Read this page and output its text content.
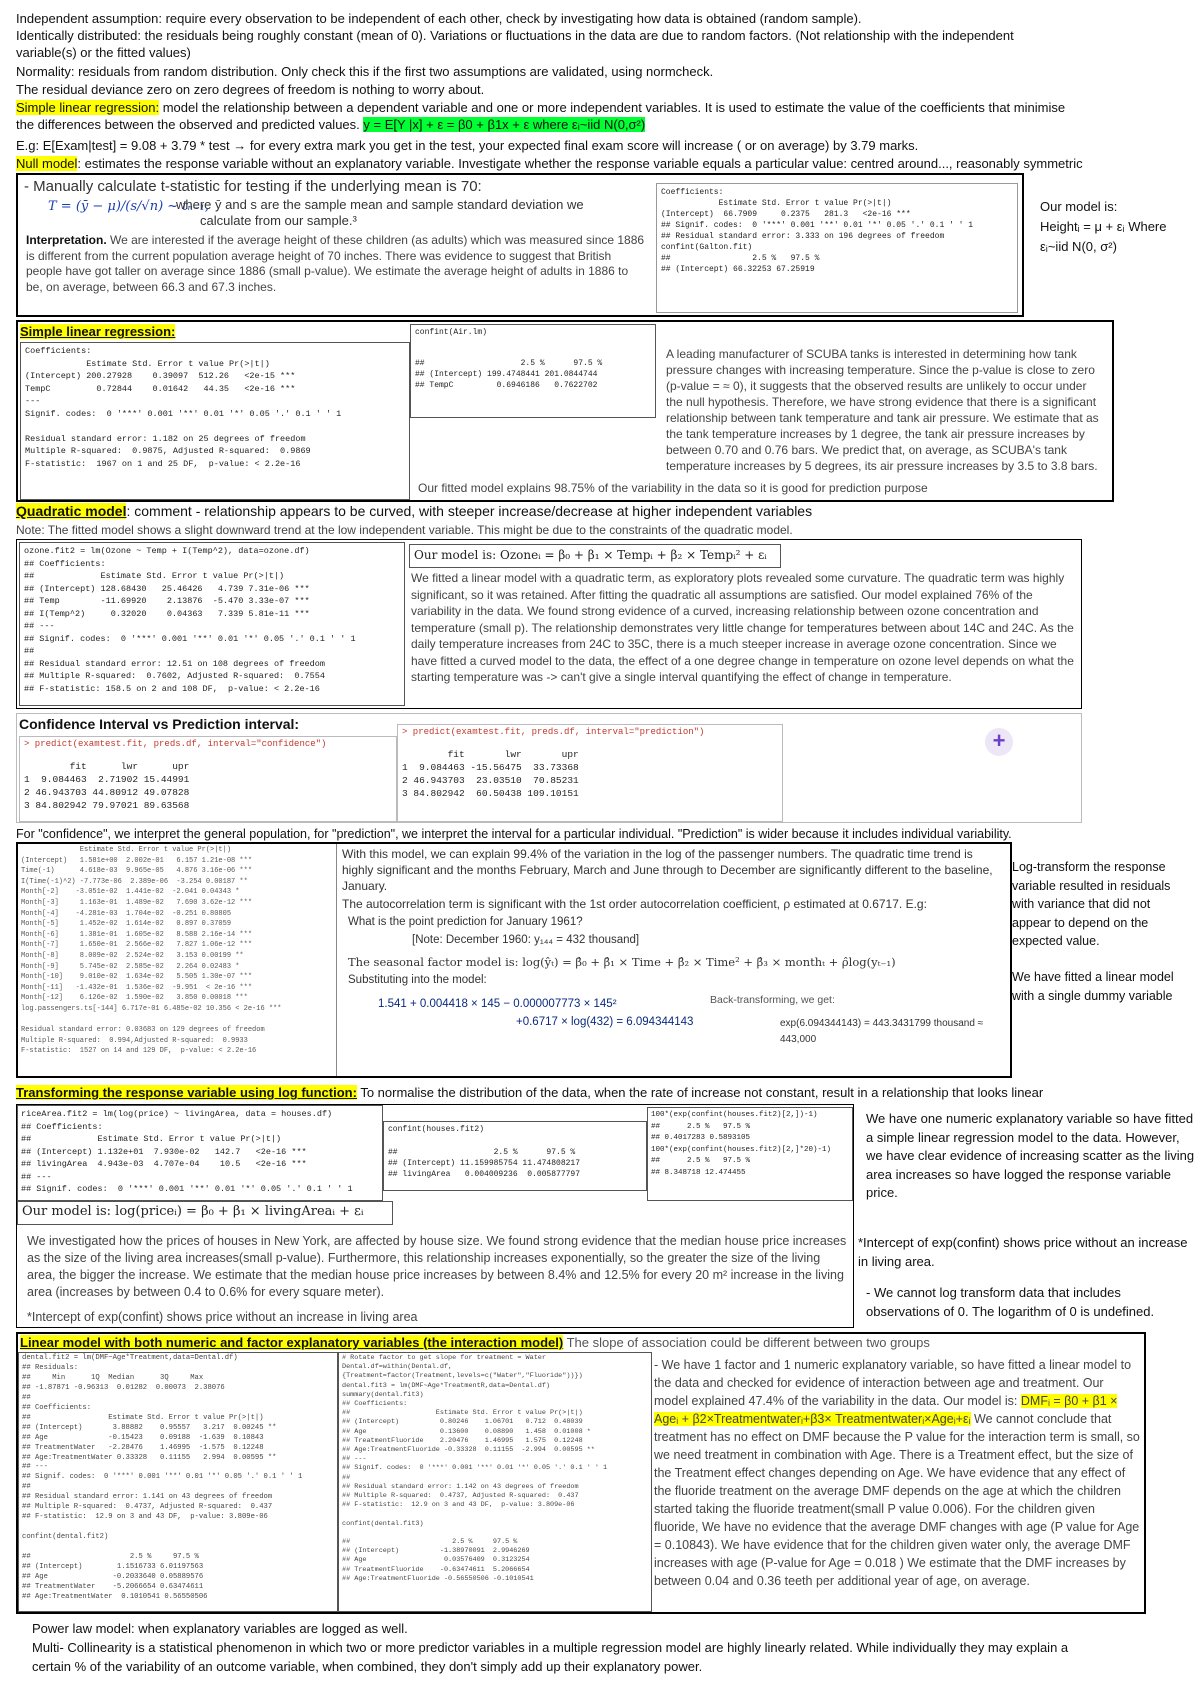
Independent assumption: require every observation to be independent of each other, check by investigating how data is obtained (random sample).
Identically distributed: the residuals being roughly constant (mean of 0). Variations or fluctuations in the data are due to random factors. (Not relationship with the independent
variable(s) or the fitted values)
Normality: residuals from random distribution. Only check this if the first two assumptions are validated, using normcheck.
The residual deviance zero on zero degrees of freedom is nothing to worry about.
Simple linear regression: model the relationship between a dependent variable and one or more independent variables. It is used to estimate the value of the coefficients that minimise
the differences between the observed and predicted values. y = E[Y |x] + ε = β0 + β1x + ε where εᵢ~iid N(0,σ²)
E.g: E[Exam|test] = 9.08 + 3.79 * test → for every extra mark you get in the test, your expected final exam score will increase ( or on average) by 3.79 marks.
Null model: estimates the response variable without an explanatory variable. Investigate whether the response variable equals a particular value: centred around..., reasonably symmetric
- Manually calculate t-statistic for testing if the underlying mean is 70:
T = (ȳ − μ)/(s/√n) ~ tₙ₋₁,
where ȳ and s are the sample mean and sample standard deviation we
calculate from our sample.³
Interpretation. We are interested if the average height of these children (as adults) which was measured since 1886 is different from the current population average height of 70 inches. There was evidence to suggest that British people have got taller on average since 1886 (small p-value). We estimate the average height of adults in 1886 to be, on average, between 66.3 and 67.3 inches.
Coefficients:
Estimate Std. Error t value Pr(>|t|)
(Intercept)  66.7909     0.2375   281.3   <2e-16 ***
## Signif. codes:  0 '***' 0.001 '**' 0.01 '*' 0.05 '.' 0.1 ' ' 1
## Residual standard error: 3.333 on 196 degrees of freedom
confint(Galton.fit)
##                 2.5 %   97.5 %
## (Intercept) 66.32253 67.25919
Our model is:
Heightᵢ = μ + εᵢ Where
εᵢ~iid N(0, σ²)
Simple linear regression:
Coefficients:
Estimate Std. Error t value Pr(>|t|)
(Intercept) 200.27928    0.39097  512.26   <2e-15 ***
TempC         0.72844    0.01642   44.35   <2e-16 ***
---
Signif. codes:  0 '***' 0.001 '**' 0.01 '*' 0.05 '.' 0.1 ' ' 1

Residual standard error: 1.182 on 25 degrees of freedom
Multiple R-squared:  0.9875, Adjusted R-squared:  0.9869
F-statistic:  1967 on 1 and 25 DF,  p-value: < 2.2e-16
confint(Air.lm)
##                    2.5 %      97.5 %
## (Intercept) 199.4748441 201.0844744
## TempC         0.6946186   0.7622702
A leading manufacturer of SCUBA tanks is interested in determining how tank pressure changes with increasing temperature. Since the p-value is close to zero (p-value = ≈ 0), it suggests that the observed results are unlikely to occur under the null hypothesis. Therefore, we have strong evidence that there is a significant relationship between tank temperature and tank air pressure. We estimate that as the tank temperature increases by 1 degree, the tank air pressure increases by between 0.70 and 0.76 bars. We predict that, on average, as SCUBA's tank temperature increases by 5 degrees, its air pressure increases by 3.5 to 3.8 bars.
Our fitted model explains 98.75% of the variability in the data so it is good for prediction purpose
Quadratic model: comment - relationship appears to be curved, with steeper increase/decrease at higher independent variables
Note: The fitted model shows a slight downward trend at the low independent variable. This might be due to the constraints of the quadratic model.
ozone.fit2 = lm(Ozone ~ Temp + I(Temp^2), data=ozone.df)
## Coefficients:
##             Estimate Std. Error t value Pr(>|t|)
## (Intercept) 128.68430   25.46426   4.739 7.31e-06 ***
## Temp        -11.69920    2.13876  -5.470 3.33e-07 ***
## I(Temp^2)     0.32020    0.04363   7.339 5.81e-11 ***
## ---
## Signif. codes:  0 '***' 0.001 '**' 0.01 '*' 0.05 '.' 0.1 ' ' 1
##
## Residual standard error: 12.51 on 108 degrees of freedom
## Multiple R-squared:  0.7602, Adjusted R-squared:  0.7554
## F-statistic: 158.5 on 2 and 108 DF,  p-value: < 2.2e-16
Our model is: Ozoneᵢ = β₀ + β₁ × Tempᵢ + β₂ × Tempᵢ² + εᵢ
We fitted a linear model with a quadratic term, as exploratory plots revealed some curvature. The quadratic term was highly significant, so it was retained. After fitting the quadratic all assumptions are satisfied. Our model explained 76% of the variability in the data. We found strong evidence of a curved, increasing relationship between ozone concentration and temperature (small p). The relationship demonstrates very little change for temperatures between about 14C and 24C. As the daily temperature increases from 24C to 35C, there is a much steeper increase in average ozone concentration. Since we have fitted a curved model to the data, the effect of a one degree change in temperature on ozone level depends on what the starting temperature was -> can't give a single interval quantifying the effect of change in temperature.
Confidence Interval vs Prediction interval:
> predict(examtest.fit, preds.df, interval="confidence")
fit      lwr      upr
1  9.084463  2.71902 15.44991
2 46.943703 44.80912 49.07828
3 84.802942 79.97021 89.63568
> predict(examtest.fit, preds.df, interval="prediction")
fit       lwr       upr
1  9.084463 -15.56475  33.73368
2 46.943703  23.03510  70.85231
3 84.802942  60.50438 109.10151
+
For "confidence", we interpret the general population, for "prediction", we interpret the interval for a particular individual. "Prediction" is wider because it includes individual variability.
Estimate Std. Error t value Pr(>|t|)
(Intercept)   1.581e+00  2.002e-01   6.157 1.21e-08 ***
Time(-1)      4.618e-03  9.965e-05   4.876 3.16e-06 ***
I(Time(-1)^2) -7.773e-06  2.389e-06  -3.254 0.00187 **
Month[-2]    -3.051e-02  1.441e-02  -2.041 0.04343 *
Month[-3]     1.163e-01  1.489e-02   7.690 3.62e-12 ***
Month[-4]    -4.281e-03  1.704e-02  -0.251 0.80805
Month[-5]     1.452e-02  1.614e-02   0.897 0.37059
Month[-6]     1.381e-01  1.605e-02   8.588 2.16e-14 ***
Month[-7]     1.650e-01  2.566e-02   7.827 1.06e-12 ***
Month[-8]     8.009e-02  2.524e-02   3.153 0.00199 **
Month[-9]     5.745e-02  2.585e-02   2.264 0.02483 *
Month[-10]    9.010e-02  1.634e-02   5.505 1.30e-07 ***
Month[-11]   -1.432e-01  1.536e-02  -9.951  < 2e-16 ***
Month[-12]    6.126e-02  1.590e-02   3.850 0.00018 ***
log.passengers.ts[-144] 6.717e-01 6.485e-02 10.356 < 2e-16 ***

Residual standard error: 0.03683 on 129 degrees of freedom
Multiple R-squared:  0.994,Adjusted R-squared:  0.9933
F-statistic:  1527 on 14 and 129 DF,  p-value: < 2.2e-16
With this model, we can explain 99.4% of the variation in the log of the passenger numbers. The quadratic time trend is highly significant and the months February, March and June through to December are significantly different to the baseline, January.
The autocorrelation term is significant with the 1st order autocorrelation coefficient, ρ estimated at 0.6717. E.g:
What is the point prediction for January 1961?
[Note: December 1960: y₁₄₄ = 432 thousand]
The seasonal factor model is: log(ŷₜ) = β̂₀ + β̂₁ × Time + β̂₂ × Time² + β̂₃ × monthₜ + ρ̂log(yₜ₋₁)
Substituting into the model:
1.541 + 0.004418 × 145 − 0.000007773 × 145²
+0.6717 × log(432) = 6.094344143
Back-transforming, we get:
exp(6.094344143) = 443.3431799 thousand ≈ 443,000
Log-transform the response variable resulted in residuals with variance that did not appear to depend on the expected value.
We have fitted a linear model with a single dummy variable
Transforming the response variable using log function: To normalise the distribution of the data, when the rate of increase not constant, result in a relationship that looks linear
riceArea.fit2 = lm(log(price) ~ livingArea, data = houses.df)
## Coefficients:
##             Estimate Std. Error t value Pr(>|t|)
## (Intercept) 1.132e+01  7.930e-02   142.7   <2e-16 ***
## livingArea  4.943e-03  4.707e-04    10.5   <2e-16 ***
## ---
## Signif. codes:  0 '***' 0.001 '**' 0.01 '*' 0.05 '.' 0.1 ' ' 1
confint(houses.fit2)
##                    2.5 %      97.5 %
## (Intercept) 11.159985754 11.474808217
## livingArea   0.004009236  0.005877797
100*(exp(confint(houses.fit2)[2,])-1)
##      2.5 %   97.5 %
## 0.4017283 0.5893105
100*(exp(confint(houses.fit2)[2,]*20)-1)
##      2.5 %   97.5 %
## 8.348718 12.474455
Our model is: log(priceᵢ) = β₀ + β₁ × livingAreaᵢ + εᵢ
We investigated how the prices of houses in New York, are affected by house size. We found strong evidence that the median house price increases as the size of the living area increases(small p-value). Furthermore, this relationship increases exponentially, so the greater the size of the living area, the bigger the increase. We estimate that the median house price increases by between 8.4% and 12.5% for every 20 m² increase in the living area (increases by between 0.4 to 0.6% for every square meter).
*Intercept of exp(confint) shows price without an increase in living area
We have one numeric explanatory variable so have fitted a simple linear regression model to the data. However, we have clear evidence of increasing scatter as the living area increases so have logged the response variable price.
*Intercept of exp(confint) shows price without an increase in living area.
- We cannot log transform data that includes observations of 0. The logarithm of 0 is undefined.
Linear model with both numeric and factor explanatory variables (the interaction model) The slope of association could be different between two groups
dental.fit2 = lm(DMF~Age*Treatment,data=Dental.df)
## Residuals:
##     Min      1Q  Median      3Q     Max
## -1.87871 -0.96313  0.01282  0.00073  2.38076
##
## Coefficients:
##                  Estimate Std. Error t value Pr(>|t|)
## (Intercept)       3.88882    0.95557   3.217  0.00245 **
## Age              -0.15423    0.09188  -1.639  0.10843
## TreatmentWater   -2.28476    1.46995  -1.575  0.12248
## Age:TreatmentWater 0.33328   0.11155   2.994  0.00595 **
## ---
## Signif. codes:  0 '***' 0.001 '**' 0.01 '*' 0.05 '.' 0.1 ' ' 1
##
## Residual standard error: 1.141 on 43 degrees of freedom
## Multiple R-squared:  0.4737, Adjusted R-squared:  0.437
## F-statistic:  12.9 on 3 and 43 DF,  p-value: 3.809e-06

confint(dental.fit2)

##                       2.5 %     97.5 %
## (Intercept)        1.1516733 6.01197563
## Age               -0.2033640 0.05889576
## TreatmentWater    -5.2066654 0.63474611
## Age:TreatmentWater  0.1010541 0.56550506
# Rotate factor to get slope for treatment = Water
Dental.df=within(Dental.df,
{Treatment=factor(Treatment,levels=c("Water","Fluoride"))})
dental.fit3 = lm(DMF~Age*TreatmentR,data=Dental.df)
summary(dental.fit3)
## Coefficients:
##                     Estimate Std. Error t value Pr(>|t|)
## (Intercept)          0.80246    1.06701   0.712  0.48039
## Age                  0.13600    0.08890   1.458  0.01008 *
## TreatmentFluoride    2.20476    1.46995   1.575  0.12248
## Age:TreatmentFluoride -0.33328  0.11155  -2.994  0.00595 **
## ---
## Signif. codes:  0 '***' 0.001 '**' 0.01 '*' 0.05 '.' 0.1 ' ' 1
##
## Residual standard error: 1.142 on 43 degrees of freedom
## Multiple R-squared:  0.4737, Adjusted R-squared:  0.437
## F-statistic:  12.9 on 3 and 43 DF,  p-value: 3.809e-06

confint(dental.fit3)

##                         2.5 %     97.5 %
## (Intercept)          -1.38970091  2.9946269
## Age                   0.03576409  0.3123254
## TreatmentFluoride    -0.63474611  5.2066654
## Age:TreatmentFluoride -0.56550506 -0.1010541
- We have 1 factor and 1 numeric explanatory variable, so have fitted a linear model to the data and checked for evidence of interaction between age and treatment. Our model explained 47.4% of the variability in the data. Our model is: DMFᵢ = β0 + β1 × Ageᵢ + β2×Treatmentwaterᵢ+β3× Treatmentwaterᵢ×Ageᵢ+εᵢ We cannot conclude that treatment has no effect on DMF because the P value for the interaction term is small, so we need treatment in combination with Age. There is a Treatment effect, but the size of the Treatment effect changes depending on Age. We have evidence that any effect of the fluoride treatment on the average DMF depends on the age at which the children started taking the fluoride treatment(small P value 0.006). For the children given fluoride, We have no evidence that the average DMF changes with age (P value for Age = 0.10843). We have evidence that for the children given water only, the average DMF increases with age (P-value for Age = 0.018 ) We estimate that the DMF increases by between 0.04 and 0.36 teeth per additional year of age, on average.
Power law model: when explanatory variables are logged as well.
Multi- Collinearity is a statistical phenomenon in which two or more predictor variables in a multiple regression model are highly linearly related. While individually they may explain a
certain % of the variability of an outcome variable, when combined, they don't simply add up their explanatory power.
